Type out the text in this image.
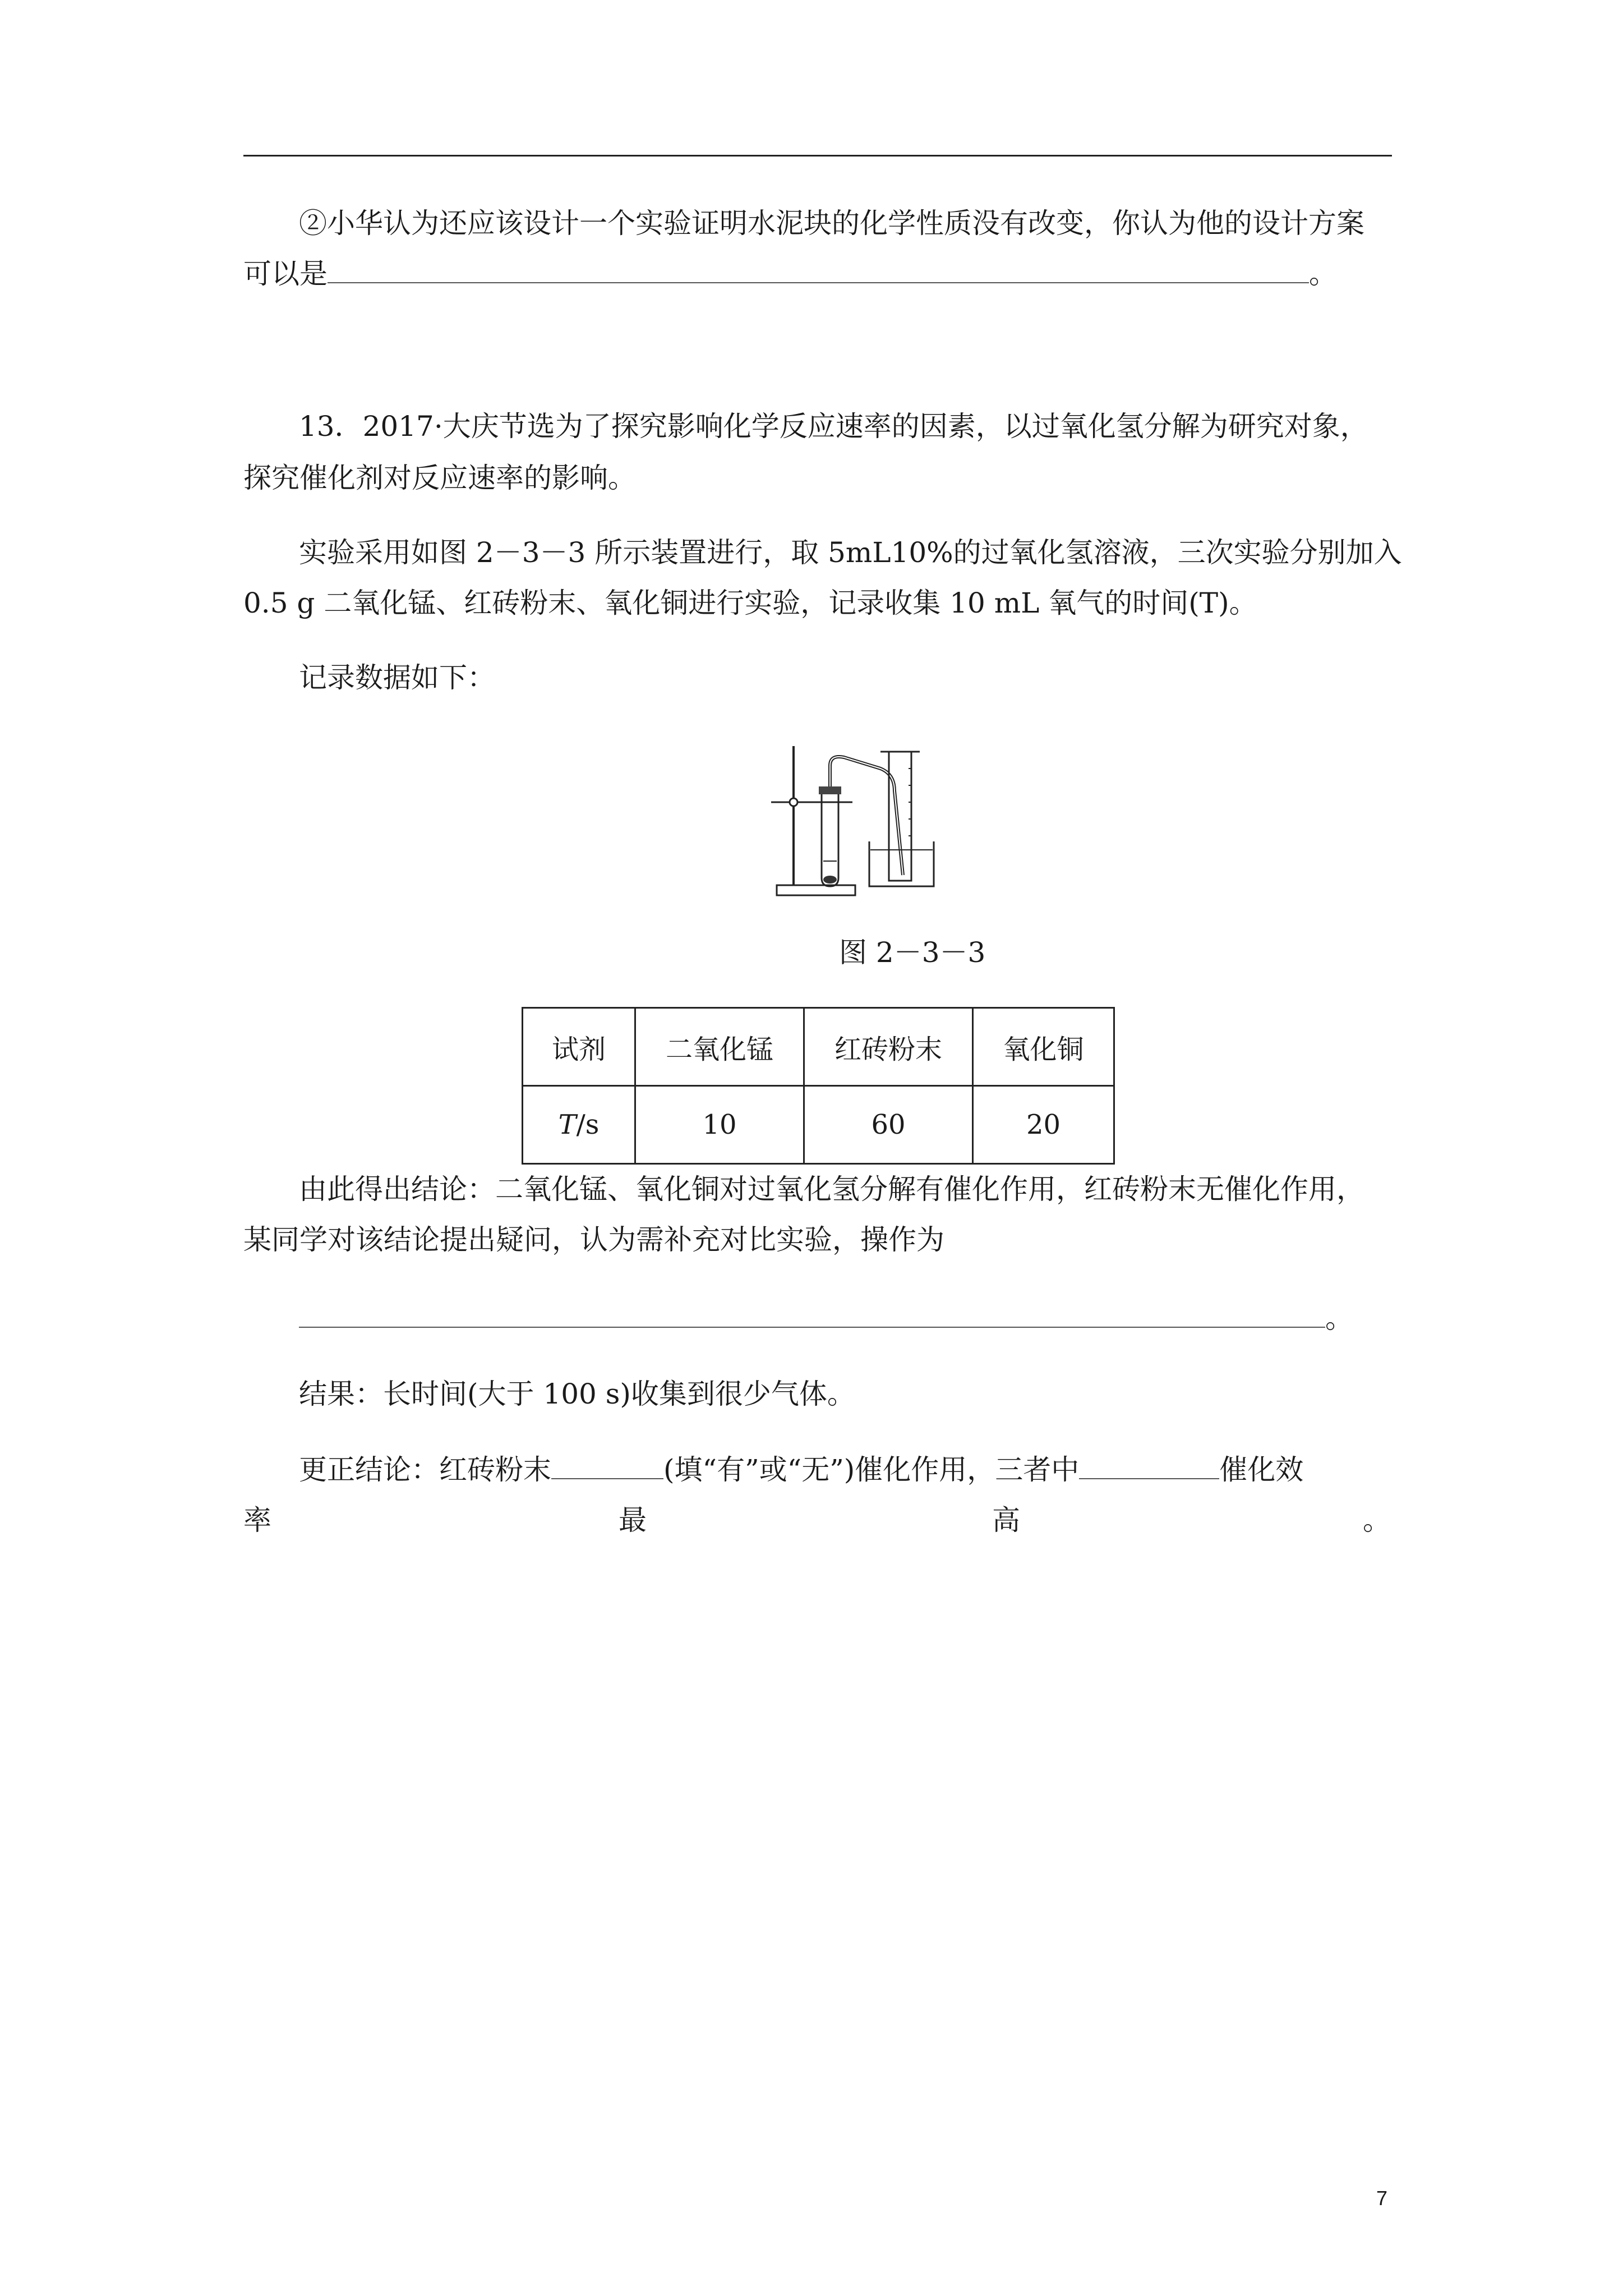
②小华认为还应该设计一个实验证明水泥块的化学性质没有改变，你认为他的设计方案
可以是	。
13．2017·大庆节选为了探究影响化学反应速率的因素，以过氧化氢分解为研究对象，
探究催化剂对反应速率的影响。
实验采用如图 2－3－3 所示装置进行，取 5mL10%的过氧化氢溶液，三次实验分别加入
0.5 g 二氧化锰、红砖粉末、氧化铜进行实验，记录收集 10 mL 氧气的时间(T)。
记录数据如下：
图 2－3－3
试剂	二氧化锰	红砖粉末	氧化铜
T/s	10	60	20
由此得出结论：二氧化锰、氧化铜对过氧化氢分解有催化作用，红砖粉末无催化作用，
某同学对该结论提出疑问，认为需补充对比实验，操作为
。
结果：长时间(大于 100 s)收集到很少气体。
更正结论：红砖粉末	(填“有”或“无”)催化作用，三者中	催化效
率	最	高	。
7
